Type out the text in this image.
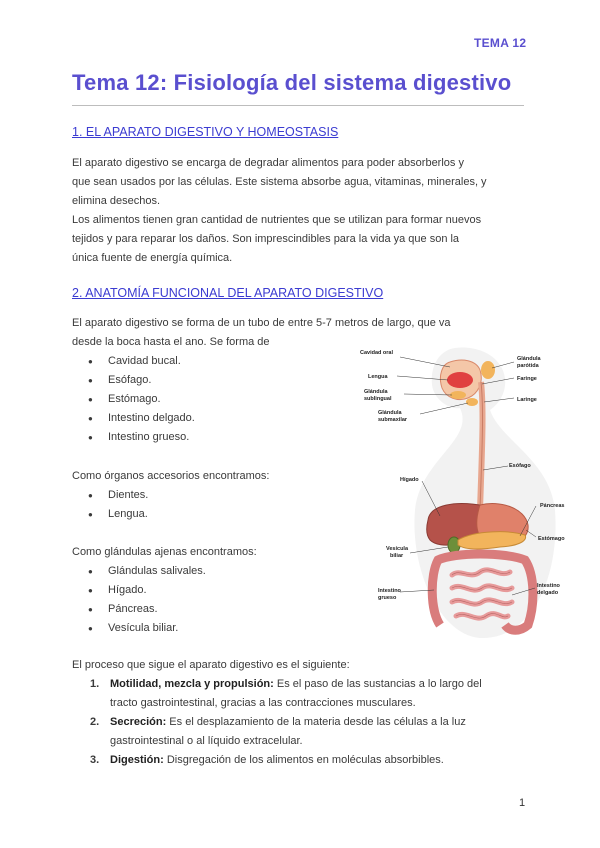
TEMA 12
Tema 12: Fisiología del sistema digestivo
1. EL APARATO DIGESTIVO Y HOMEOSTASIS

El aparato digestivo se encarga de degradar alimentos para poder absorberlos y

que sean usados por las células. Este sistema absorbe agua, vitaminas, minerales, y

elimina desechos.

Los alimentos tienen gran cantidad de nutrientes que se utilizan para formar nuevos

tejidos y para reparar los daños. Son imprescindibles para la vida ya que son la

única fuente de energía química.

2. ANATOMÍA FUNCIONAL DEL APARATO DIGESTIVO

El aparato digestivo se forma de un tubo de entre 5-7 metros de largo, que va

desde la boca hasta el ano. Se forma de

● Cavidad bucal.
● Esófago.
● Estómago.
● Intestino delgado.
● Intestino grueso.

Como órganos accesorios encontramos:

● Dientes.
● Lengua.

Como glándulas ajenas encontramos:

● Glándulas salivales.
● Hígado.
● Páncreas.
● Vesícula biliar.

El proceso que sigue el aparato digestivo es el siguiente:

1. Motilidad, mezcla y propulsión: Es el paso de las sustancias a lo largo del
tracto gastrointestinal, gracias a las contracciones musculares.
2. Secreción: Es el desplazamiento de la materia desde las células a la luz
gastrointestinal o al líquido extracelular.
3. Digestión: Disgregación de los alimentos en moléculas absorbibles.
Cavidad oral
Glándula
parótida
Faringe
Lengua
Glándula
sublingual	Laringe
Glándula
submaxilar
Esófago
Hígado
Páncreas
Estómago
Vesícula
biliar
Intestino
grueso
Intestino
delgado
1
